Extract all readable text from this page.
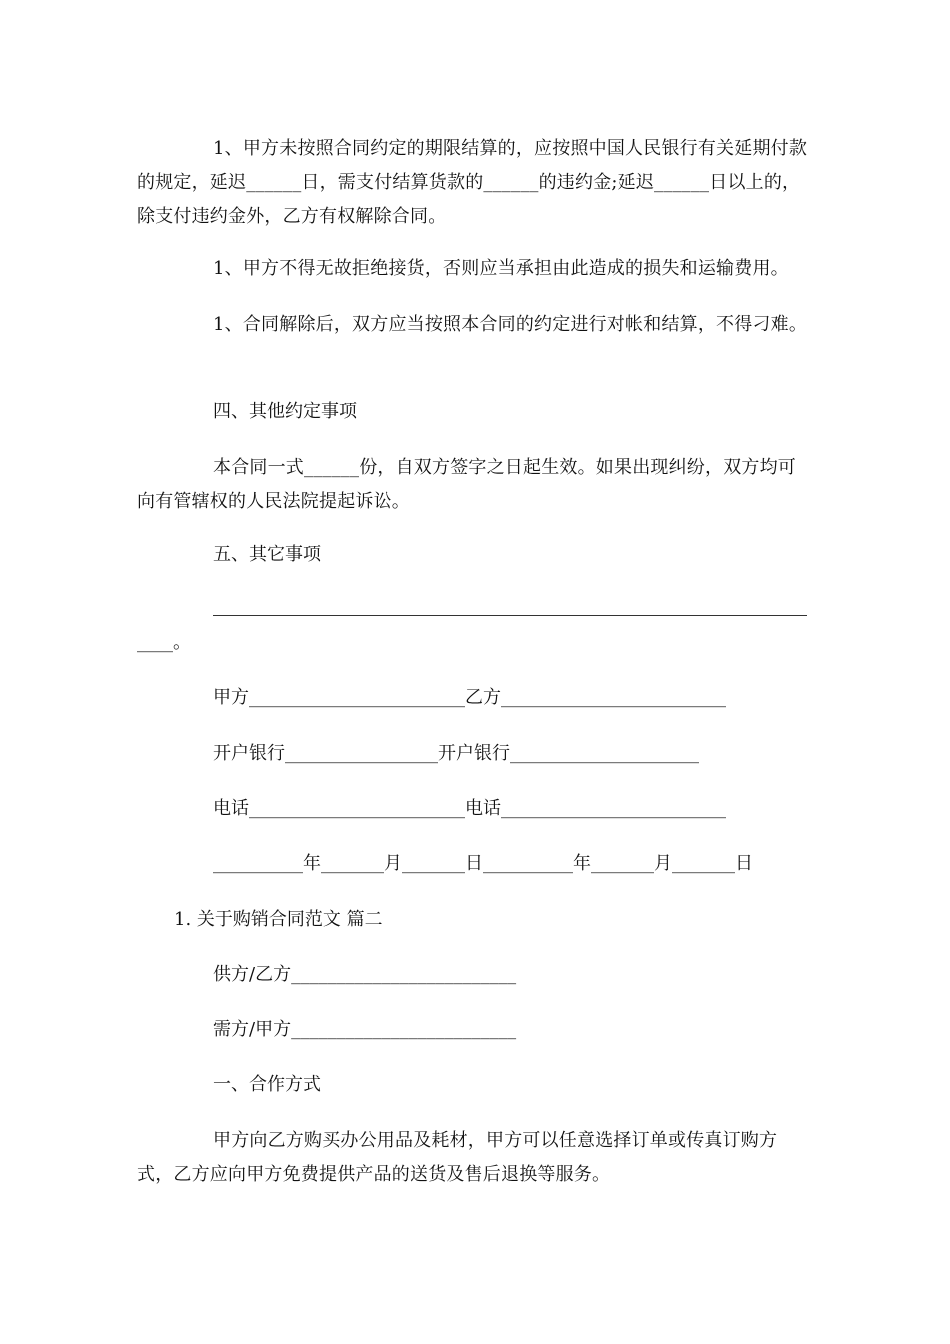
1、甲方未按照合同约定的期限结算的，应按照中国人民银行有关延期付款的规定，延迟______日，需支付结算货款的______的违约金;延迟______日以上的，除支付违约金外，乙方有权解除合同。

1、甲方不得无故拒绝接货，否则应当承担由此造成的损失和运输费用。

1、合同解除后，双方应当按照本合同的约定进行对帐和结算，不得刁难。

四、其他约定事项

本合同一式______份，自双方签字之日起生效。如果出现纠纷，双方均可向有管辖权的人民法院提起诉讼。

五、其它事项

____。

甲方________________________乙方_________________________

开户银行_________________开户银行_____________________

电话________________________电话_________________________

__________年_______月_______日__________年_______月_______日

1. 关于购销合同范文 篇二

供方/乙方_________________________

需方/甲方_________________________

一、合作方式

甲方向乙方购买办公用品及耗材，甲方可以任意选择订单或传真订购方式，乙方应向甲方免费提供产品的送货及售后退换等服务。
